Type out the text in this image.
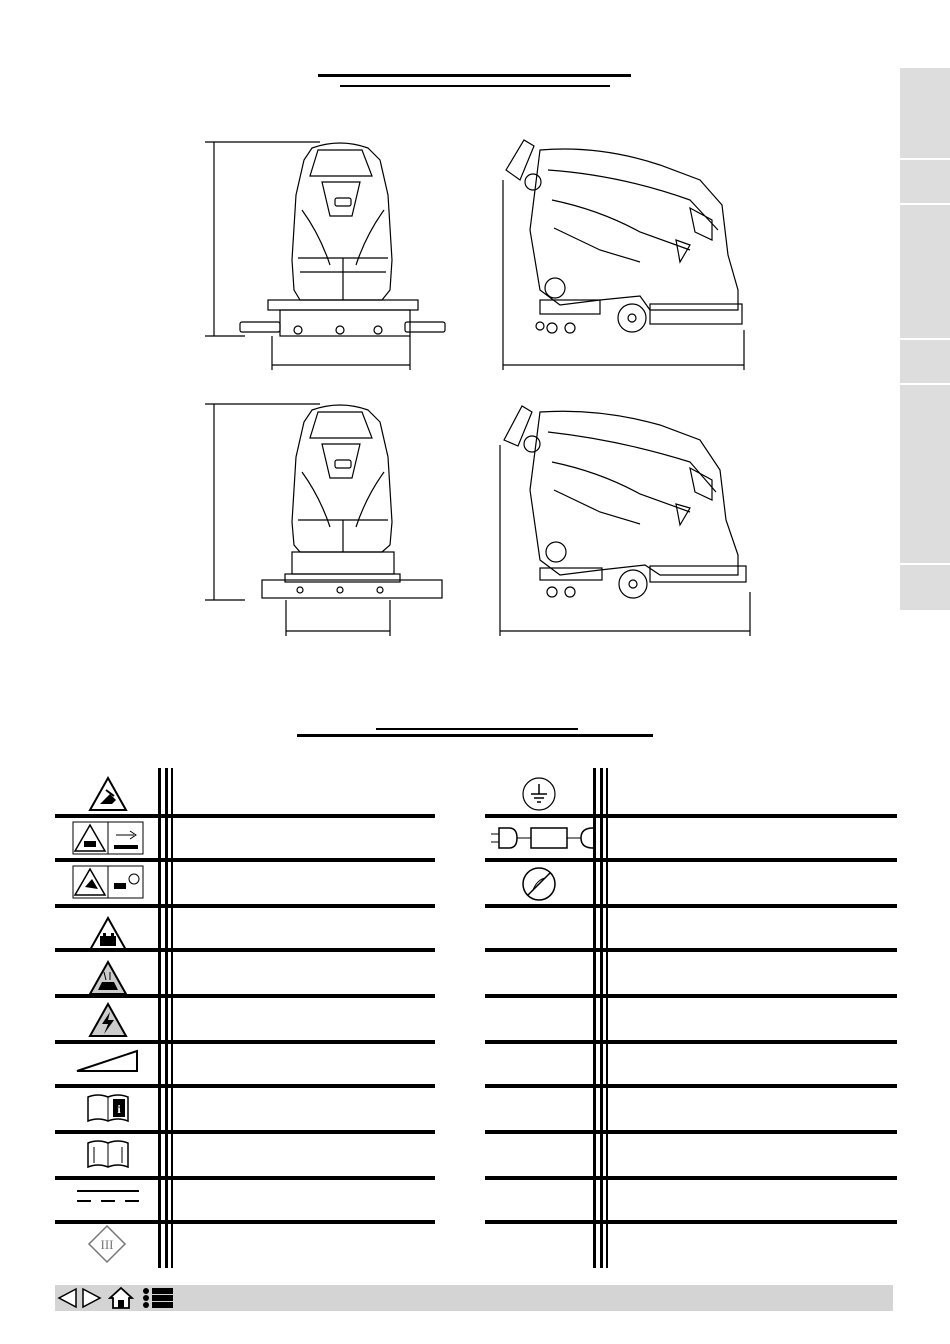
i
III
